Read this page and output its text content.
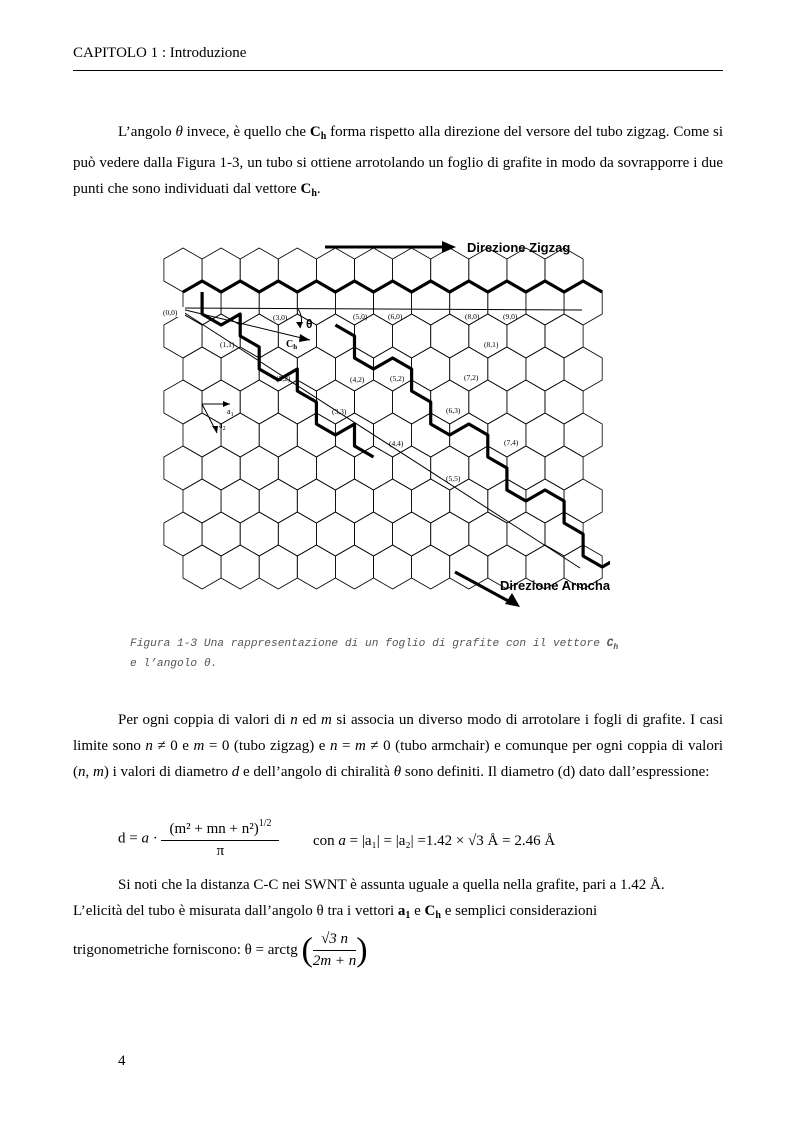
CAPITOLO 1 : Introduzione

L’angolo θ invece, è quello che $C_h$ forma rispetto alla direzione del versore del tubo zigzag. Come si può vedere dalla Figura 1-3, un tubo si ottiene arrotolando un foglio di grafite in modo da sovrapporre i due punti che sono individuati dal vettore $C_h$.

Direzione Zigzag
Direzione Armchair
θ
$C_h$
$a_1$
$a_2$
(0,0)
(3,0)	(5,0)	(6,0)	(8,0)	(9,0)
(1,1)	(8,1)
(2,2)	(4,2)	(5,2)	(7,2)
(3,3)	(6,3)
(4,4)	(7,4)
(5,5)
Figura 1-3 Una rappresentazione di un foglio di grafite con il vettore $C_h$
e l’angolo θ.

Per ogni coppia di valori di n ed m si associa un diverso modo di arrotolare i fogli di grafite. I casi limite sono n ≠ 0 e m = 0 (tubo zigzag) e n = m ≠ 0 (tubo armchair) e comunque per ogni coppia di valori (n, m) i valori di diametro d e dell’angolo di chiralità θ sono definiti. Il diametro (d) dato dall’espressione:

$d = a \cdot \frac{(m^2 + mn + n^2)^{1/2}}{\pi}$ con a = |a₁| = |a₂| =1.42 × √3 Å = 2.46 Å

Si noti che la distanza C-C nei SWNT è assunta uguale a quella nella grafite, pari a 1.42 Å.

L’elicità del tubo è misurata dall’angolo θ tra i vettori $a_1$ e $C_h$ e semplici considerazioni

trigonometriche forniscono: θ = arctg ( $\frac{√3 n}{2m + n}$ )
4
